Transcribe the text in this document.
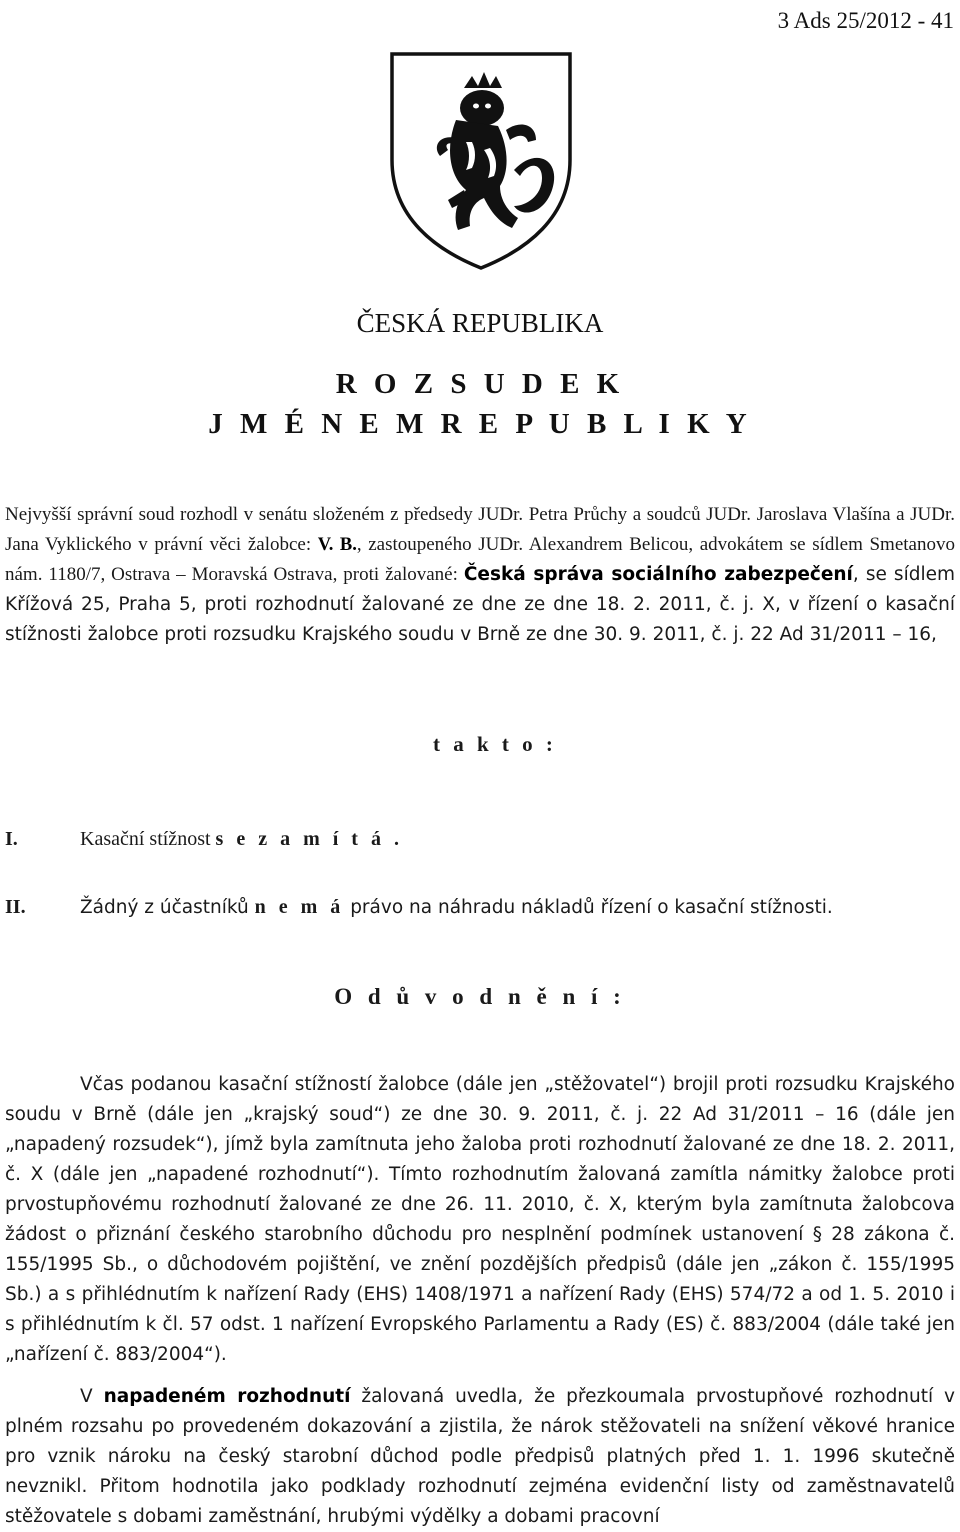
3 Ads 25/2012 - 41
ČESKÁ REPUBLIKA
R O Z S U D E K
J M É N E M R E P U B L I K Y
Nejvyšší správní soud rozhodl v senátu složeném z předsedy JUDr. Petra Průchy a soudců JUDr. Jaroslava Vlašína a JUDr. Jana Vyklického v právní věci žalobce: V. B., zastoupeného JUDr. Alexandrem Belicou, advokátem se sídlem Smetanovo nám. 1180/7, Ostrava – Moravská Ostrava, proti žalované: Česká správa sociálního zabezpečení, se sídlem Křížová 25, Praha 5, proti rozhodnutí žalované ze dne ze dne 18. 2. 2011, č. j. X, v řízení o kasační stížnosti žalobce proti rozsudku Krajského soudu v Brně ze dne 30. 9. 2011, č. j. 22 Ad 31/2011 – 16,
t a k t o :
I.	Kasační stížnost s e z a m í t á .
II.	Žádný z účastníků n e m á právo na náhradu nákladů řízení o kasační stížnosti.
O d ů v o d n ě n í :
Včas podanou kasační stížností žalobce (dále jen „stěžovatel“) brojil proti rozsudku Krajského soudu v Brně (dále jen „krajský soud“) ze dne 30. 9. 2011, č. j. 22 Ad 31/2011 – 16 (dále jen „napadený rozsudek“), jímž byla zamítnuta jeho žaloba proti rozhodnutí žalované ze dne 18. 2. 2011, č. X (dále jen „napadené rozhodnutí“). Tímto rozhodnutím žalovaná zamítla námitky žalobce proti prvostupňovému rozhodnutí žalované ze dne 26. 11. 2010, č. X, kterým byla zamítnuta žalobcova žádost o přiznání českého starobního důchodu pro nesplnění podmínek ustanovení § 28 zákona č. 155/1995 Sb., o důchodovém pojištění, ve znění pozdějších předpisů (dále jen „zákon č. 155/1995 Sb.) a s přihlédnutím k nařízení Rady (EHS) 1408/1971 a nařízení Rady (EHS) 574/72 a od 1. 5. 2010 i s přihlédnutím k čl. 57 odst. 1 nařízení Evropského Parlamentu a Rady (ES) č. 883/2004 (dále také jen „nařízení č. 883/2004“).
V napadeném rozhodnutí žalovaná uvedla, že přezkoumala prvostupňové rozhodnutí v plném rozsahu po provedeném dokazování a zjistila, že nárok stěžovateli na snížení věkové hranice pro vznik nároku na český starobní důchod podle předpisů platných před 1. 1. 1996 skutečně nevznikl. Přitom hodnotila jako podklady rozhodnutí zejména evidenční listy od zaměstnavatelů stěžovatele s dobami zaměstnání, hrubými výdělky a dobami pracovní
